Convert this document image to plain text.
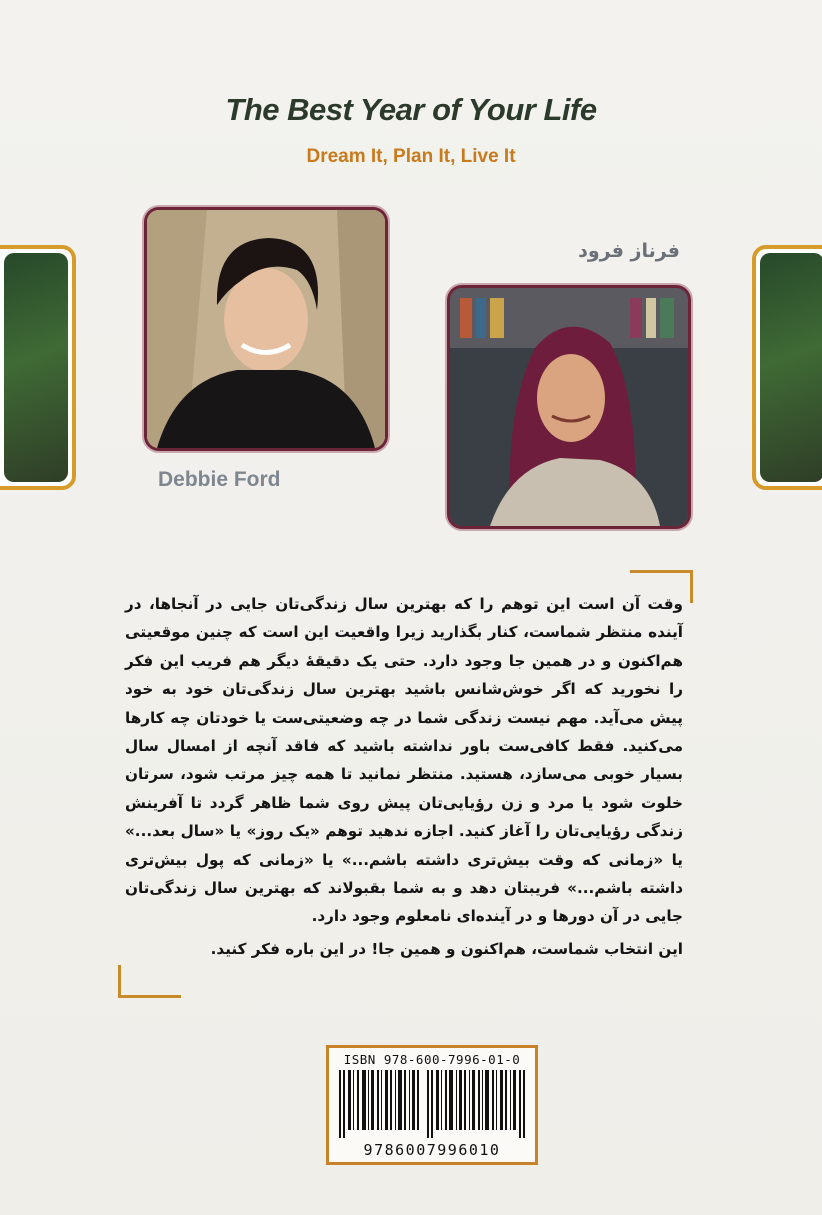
The Best Year of Your Life
Dream It, Plan It, Live It
Debbie Ford
فرناز فرود

وقت آن است این توهم را که بهترین سال زندگی‌تان جایی در آنجاها، در آینده منتظر شماست، کنار بگذارید زیرا واقعیت این است که چنین موقعیتی هم‌اکنون و در همین جا وجود دارد. حتی یک دقیقهٔ دیگر هم فریب این فکر را نخورید که اگر خوش‌شانس باشید بهترین سال زندگی‌تان خود به خود پیش می‌آید. مهم نیست زندگی شما در چه وضعیتی‌ست یا خودتان چه کارها می‌کنید. فقط کافی‌ست باور نداشته باشید که فاقد آنچه از امسال سال بسیار خوبی می‌سازد، هستید. منتظر نمانید تا همه چیز مرتب شود، سرتان خلوت شود یا مرد و زن رؤیایی‌تان پیش روی شما ظاهر گردد تا آفرینش زندگی رؤیایی‌تان را آغاز کنید. اجازه ندهید توهم «یک روز» یا «سال بعد...» یا «زمانی که وقت بیش‌تری داشته باشم...» یا «زمانی که پول بیش‌تری داشته باشم...» فریبتان دهد و به شما بقبولاند که بهترین سال زندگی‌تان جایی در آن دورها و در آینده‌ای نامعلوم وجود دارد.

این انتخاب شماست، هم‌اکنون و همین جا! در این باره فکر کنید.

ISBN 978-600-7996-01-0
9786007996010
